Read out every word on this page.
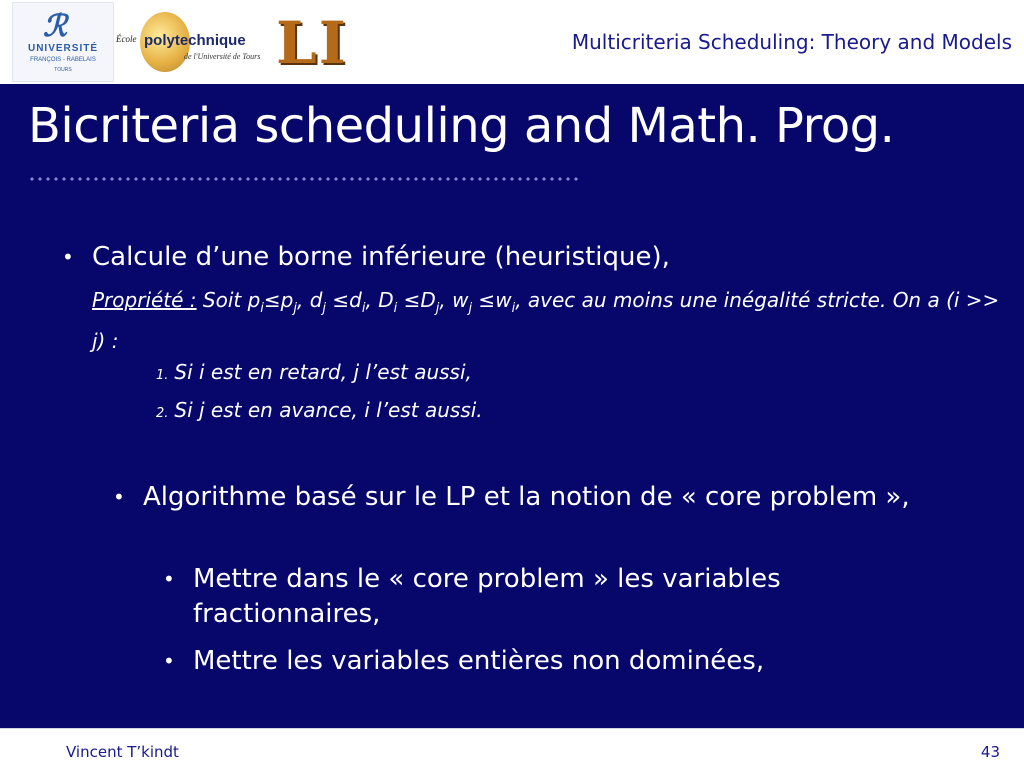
ℛ
UNIVERSITÉ
FRANÇOIS - RABELAIS
TOURS
École polytechnique
de l'Université de Tours LI	Multicriteria Scheduling: Theory and Models
Bicriteria scheduling and Math. Prog.
• Calcule d’une borne inférieure (heuristique),
Propriété : Soit $p_i\le p_j$, $d_j \le d_i$, $D_i \le D_j$, $w_j \le w_i$, avec au moins une inégalité stricte. On a (i >> j) :
1. Si i est en retard, j l’est aussi,
2. Si j est en avance, i l’est aussi.
• Algorithme basé sur le LP et la notion de « core problem »,
• Mettre dans le « core problem » les variables fractionnaires,
• Mettre les variables entières non dominées,
Vincent T’kindt	43
